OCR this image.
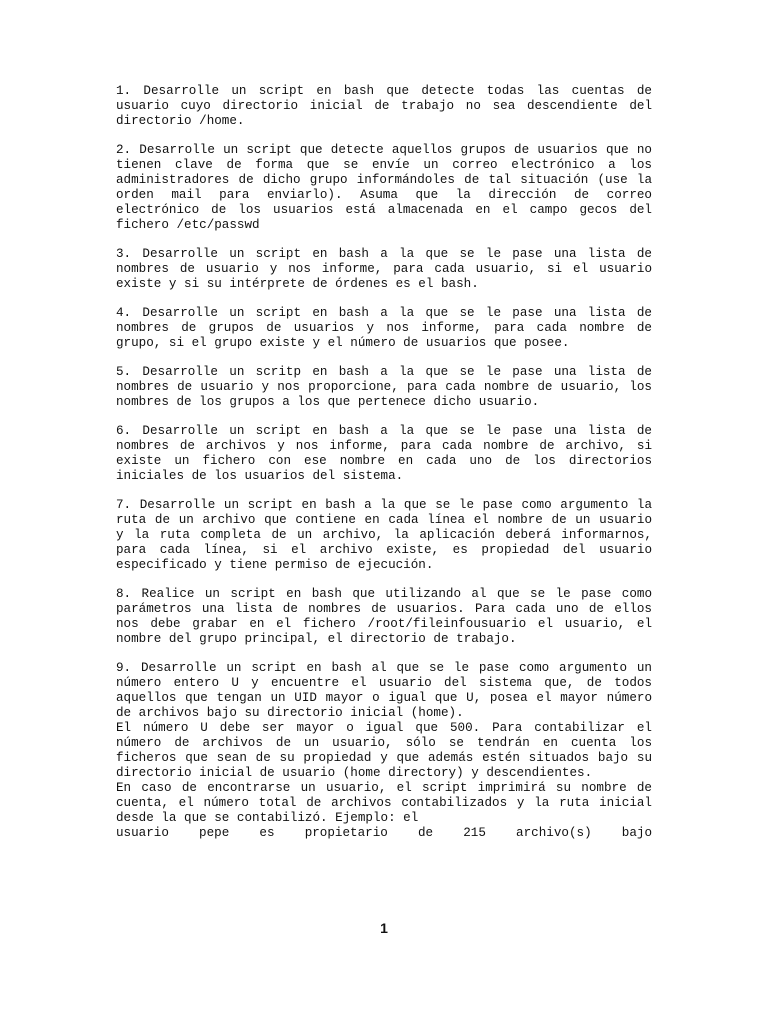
1. Desarrolle un script en bash que detecte todas las cuentas de usuario cuyo directorio inicial de trabajo no sea descendiente del directorio /home.

2. Desarrolle un script que detecte aquellos grupos de usuarios que no tienen clave de forma que se envíe un correo electrónico a los administradores de dicho grupo informándoles de tal situación (use la orden mail para enviarlo). Asuma que la dirección de correo electrónico de los usuarios está almacenada en el campo gecos del fichero /etc/passwd

3. Desarrolle un script en bash a la que se le pase una lista de nombres de usuario y nos informe, para cada usuario, si el usuario existe y si su intérprete de órdenes es el bash.

4. Desarrolle un script en bash a la que se le pase una lista de nombres de grupos de usuarios y nos informe, para cada nombre de grupo, si el grupo existe y el número de usuarios que posee.

5. Desarrolle un scritp en bash a la que se le pase una lista de nombres de usuario y nos proporcione, para cada nombre de usuario, los nombres de los grupos a los que pertenece dicho usuario.

6. Desarrolle un script en bash a la que se le pase una lista de nombres de archivos y nos informe, para cada nombre de archivo, si existe un fichero con ese nombre en cada uno de los directorios iniciales de los usuarios del sistema.

7. Desarrolle un script en bash a la que se le pase como argumento la ruta de un archivo que contiene en cada línea el nombre de un usuario y la ruta completa de un archivo, la aplicación deberá informarnos, para cada línea, si el archivo existe, es propiedad del usuario especificado y tiene permiso de ejecución.

8. Realice un script en bash que utilizando al que se le pase como parámetros una lista de nombres de usuarios. Para cada uno de ellos nos debe grabar en el fichero /root/fileinfousuario el usuario, el nombre del grupo principal, el directorio de trabajo.

9. Desarrolle un script en bash al que se le pase como argumento un número entero U y encuentre el usuario del sistema que, de todos aquellos que tengan un UID mayor o igual que U, posea el mayor número de archivos bajo su directorio inicial (home).

El número U debe ser mayor o igual que 500. Para contabilizar el número de archivos de un usuario, sólo se tendrán en cuenta los ficheros que sean de su propiedad y que además estén situados bajo su directorio inicial de usuario (home directory) y descendientes.

En caso de encontrarse un usuario, el script imprimirá su nombre de cuenta, el número total de archivos contabilizados y la ruta inicial desde la que se contabilizó. Ejemplo: el

usuario pepe es propietario de 215 archivo(s) bajo
1
